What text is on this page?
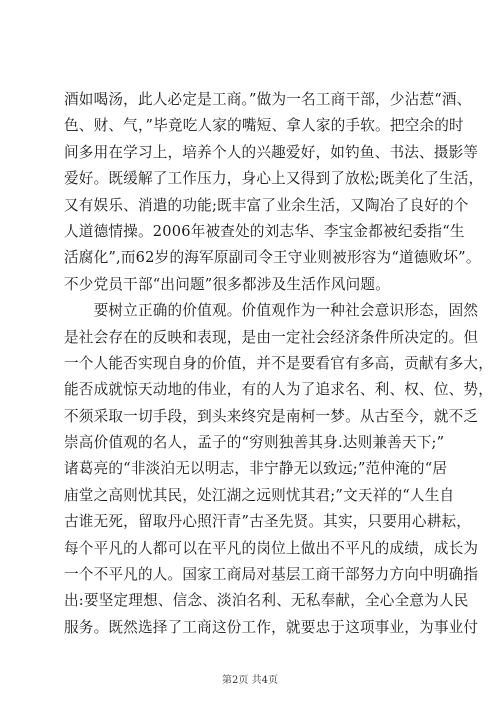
酒如喝汤，此人必定是工商。”做为一名工商干部，少沾惹“酒、
色、财、气，”毕竟吃人家的嘴短、拿人家的手软。把空余的时
间多用在学习上，培养个人的兴趣爱好，如钓鱼、书法、摄影等
爱好。既缓解了工作压力，身心上又得到了放松;既美化了生活，
又有娱乐、消遣的功能;既丰富了业余生活，又陶冶了良好的个
人道德情操。2006年被查处的刘志华、李宝金都被纪委指“生
活腐化”,而62岁的海军原副司令王守业则被形容为“道德败坏”。
不少党员干部“出问题”很多都涉及生活作风问题。
　　要树立正确的价值观。价值观作为一种社会意识形态，固然
是社会存在的反映和表现，是由一定社会经济条件所决定的。但
一个人能否实现自身的价值，并不是要看官有多高，贡献有多大，
能否成就惊天动地的伟业，有的人为了追求名、利、权、位、势，
不须采取一切手段，到头来终究是南柯一梦。从古至今，就不乏
崇高价值观的名人，孟子的“穷则独善其身.达则兼善天下;”
诸葛亮的“非淡泊无以明志，非宁静无以致远;”范仲淹的“居
庙堂之高则忧其民，处江湖之远则忧其君;”文天祥的“人生自
古谁无死，留取丹心照汗青”古圣先贤。其实，只要用心耕耘，
每个平凡的人都可以在平凡的岗位上做出不平凡的成绩，成长为
一个不平凡的人。国家工商局对基层工商干部努力方向中明确指
出:要坚定理想、信念、淡泊名利、无私奉献，全心全意为人民
服务。既然选择了工商这份工作，就要忠于这项事业，为事业付
第2页 共4页
